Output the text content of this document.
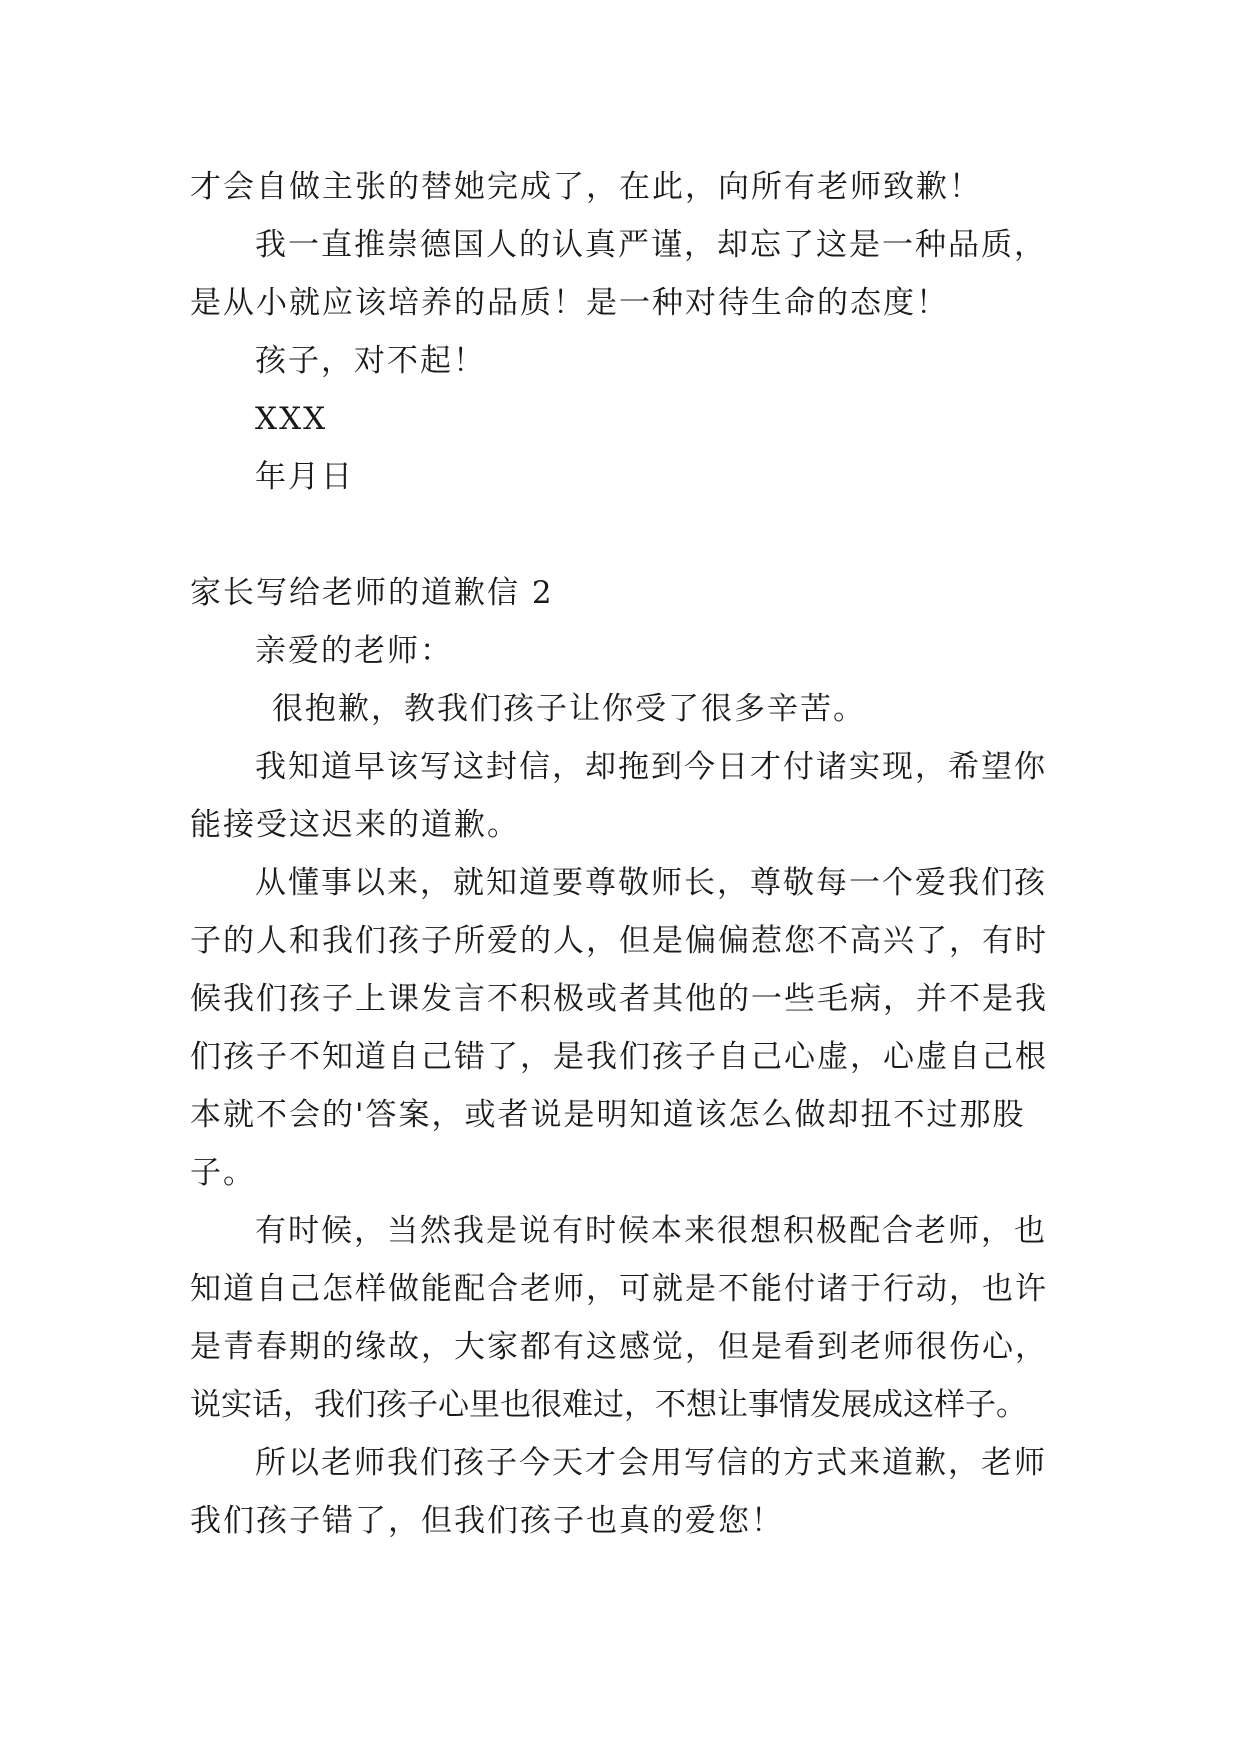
才会自做主张的替她完成了，在此，向所有老师致歉！
我一直推崇德国人的认真严谨，却忘了这是一种品质，
是从小就应该培养的品质！是一种对待生命的态度！
孩子，对不起！
XXX
年月日
家长写给老师的道歉信 2
亲爱的老师：
很抱歉，教我们孩子让你受了很多辛苦。
我知道早该写这封信，却拖到今日才付诸实现，希望你
能接受这迟来的道歉。
从懂事以来，就知道要尊敬师长，尊敬每一个爱我们孩
子的人和我们孩子所爱的人，但是偏偏惹您不高兴了，有时
候我们孩子上课发言不积极或者其他的一些毛病，并不是我
们孩子不知道自己错了，是我们孩子自己心虚，心虚自己根
本就不会的'答案，或者说是明知道该怎么做却扭不过那股
子。
有时候，当然我是说有时候本来很想积极配合老师，也
知道自己怎样做能配合老师，可就是不能付诸于行动，也许
是青春期的缘故，大家都有这感觉，但是看到老师很伤心，
说实话，我们孩子心里也很难过，不想让事情发展成这样子。
所以老师我们孩子今天才会用写信的方式来道歉，老师
我们孩子错了，但我们孩子也真的爱您！
